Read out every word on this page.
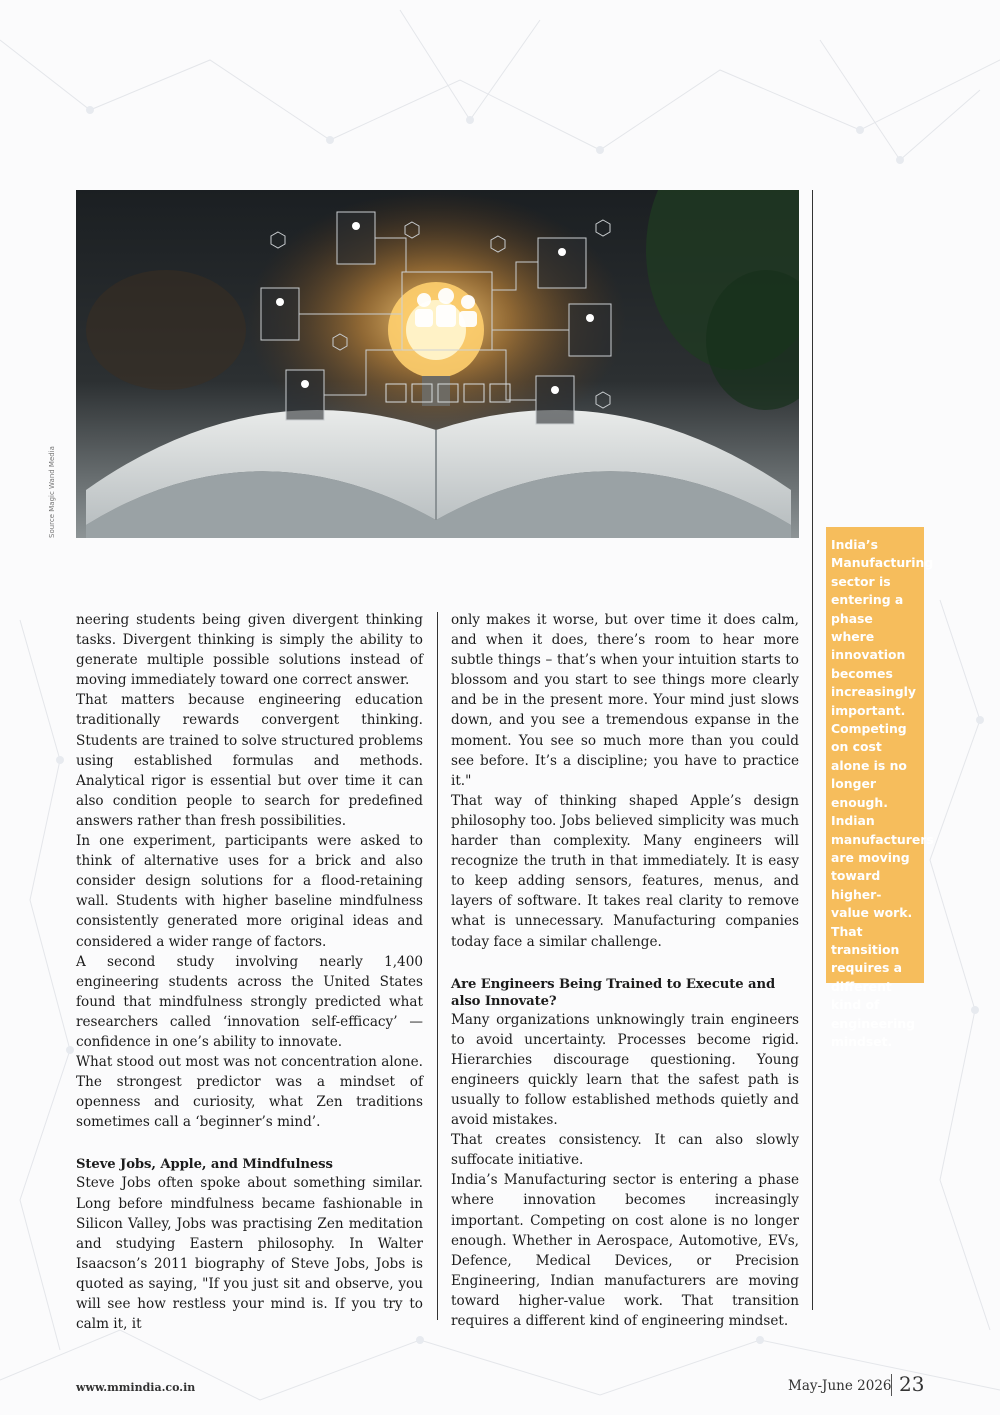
Source Magic Wand Media

neering students being given divergent thinking tasks. Divergent thinking is simply the ability to generate multiple possible solutions instead of moving immediately toward one correct answer.

That matters because engineering education traditionally rewards convergent thinking. Students are trained to solve structured problems using established formulas and methods. Analytical rigor is essential but over time it can also condition people to search for predefined answers rather than fresh possibilities.

In one experiment, participants were asked to think of alternative uses for a brick and also consider design solutions for a flood-retaining wall. Students with higher baseline mindfulness consistently generated more original ideas and considered a wider range of factors.

A second study involving nearly 1,400 engineering students across the United States found that mindfulness strongly predicted what researchers called ‘innovation self-efficacy’ — confidence in one’s ability to innovate.

What stood out most was not concentration alone. The strongest predictor was a mindset of openness and curiosity, what Zen traditions sometimes call a ‘beginner’s mind’.

Steve Jobs, Apple, and Mindfulness

Steve Jobs often spoke about something similar. Long before mindfulness became fashionable in Silicon Valley, Jobs was practising Zen meditation and studying Eastern philosophy. In Walter Isaacson’s 2011 biography of Steve Jobs, Jobs is quoted as saying, "If you just sit and observe, you will see how restless your mind is. If you try to calm it, it

only makes it worse, but over time it does calm, and when it does, there’s room to hear more subtle things – that’s when your intuition starts to blossom and you start to see things more clearly and be in the present more. Your mind just slows down, and you see a tremendous expanse in the moment. You see so much more than you could see before. It’s a discipline; you have to practice it."

That way of thinking shaped Apple’s design philosophy too. Jobs believed simplicity was much harder than complexity. Many engineers will recognize the truth in that immediately. It is easy to keep adding sensors, features, menus, and layers of software. It takes real clarity to remove what is unnecessary. Manufacturing companies today face a similar challenge.

Are Engineers Being Trained to Execute and also Innovate?

Many organizations unknowingly train engineers to avoid uncertainty. Processes become rigid. Hierarchies discourage questioning. Young engineers quickly learn that the safest path is usually to follow established methods quietly and avoid mistakes.

That creates consistency. It can also slowly suffocate initiative.

India’s Manufacturing sector is entering a phase where innovation becomes increasingly important. Competing on cost alone is no longer enough. Whether in Aerospace, Automotive, EVs, Defence, Medical Devices, or Precision Engineering, Indian manufacturers are moving toward higher-value work. That transition requires a different kind of engineering mindset.

India’s Manufacturing sector is entering a phase where innovation becomes increasingly important. Competing on cost alone is no longer enough. Indian manufacturers are moving toward higher-value work. That transition requires a different kind of engineering mindset.

www.mmindia.co.in	May-June 2026 23
